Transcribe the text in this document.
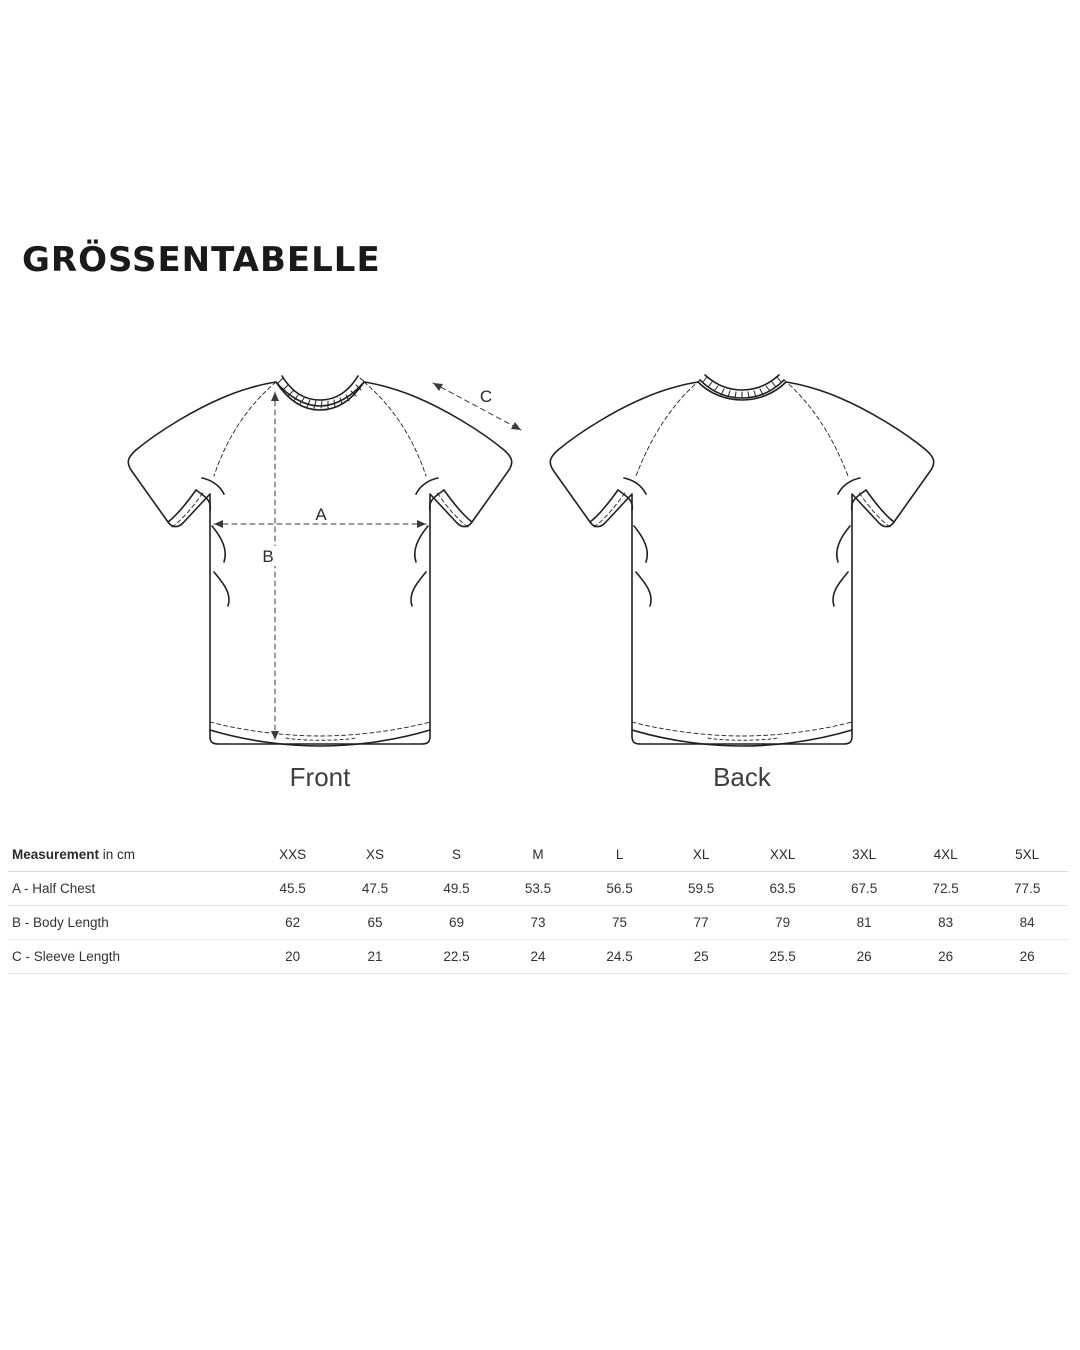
GRÖSSENTABELLE
A
B
C
Front	Back
Measurement in cm	XXS	XS	S	M	L	XL	XXL	3XL	4XL	5XL
A - Half Chest	45.5	47.5	49.5	53.5	56.5	59.5	63.5	67.5	72.5	77.5
B - Body Length	62	65	69	73	75	77	79	81	83	84
C - Sleeve Length	20	21	22.5	24	24.5	25	25.5	26	26	26
